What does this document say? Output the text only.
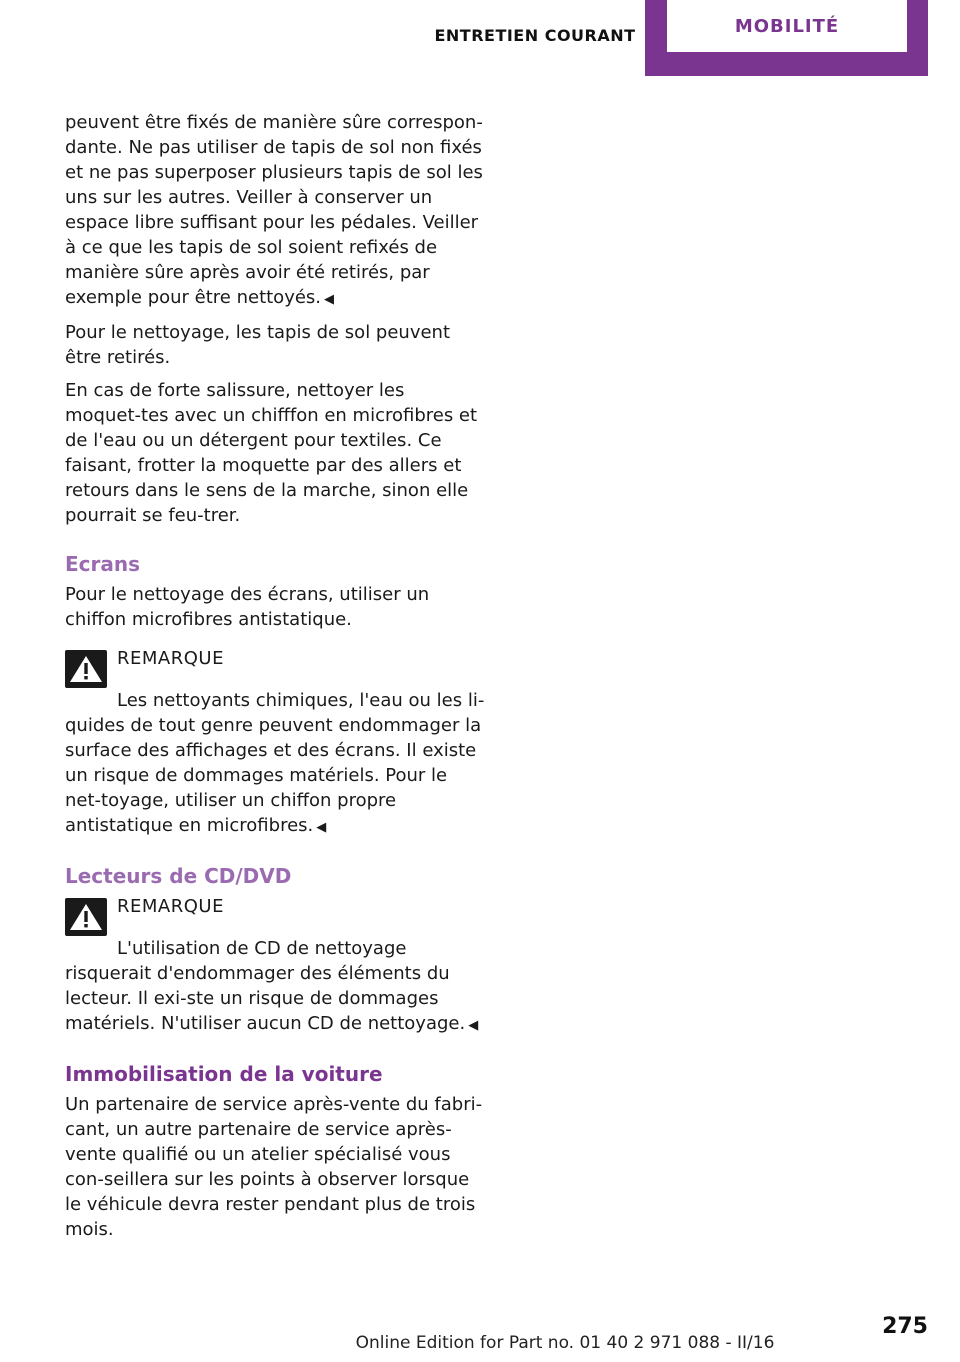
ENTRETIEN COURANT	MOBILITÉ

peuvent être fixés de manière sûre correspon-dante. Ne pas utiliser de tapis de sol non fixés et ne pas superposer plusieurs tapis de sol les uns sur les autres. Veiller à conserver un espace libre suffisant pour les pédales. Veiller à ce que les tapis de sol soient refixés de manière sûre après avoir été retirés, par exemple pour être nettoyés. ◀

Pour le nettoyage, les tapis de sol peuvent être retirés.

En cas de forte salissure, nettoyer les moquet-tes avec un chifffon en microfibres et de l'eau ou un détergent pour textiles. Ce faisant, frotter la moquette par des allers et retours dans le sens de la marche, sinon elle pourrait se feu-trer.

Ecrans

Pour le nettoyage des écrans, utiliser un chiffon microfibres antistatique.

REMARQUE
Les nettoyants chimiques, l'eau ou les li-quides de tout genre peuvent endommager la surface des affichages et des écrans. Il existe un risque de dommages matériels. Pour le net-toyage, utiliser un chiffon propre antistatique en microfibres. ◀
Lecteurs de CD/DVD
REMARQUE
L'utilisation de CD de nettoyage risquerait d'endommager des éléments du lecteur. Il exi-ste un risque de dommages matériels. N'utiliser aucun CD de nettoyage. ◀
Immobilisation de la voiture

Un partenaire de service après-vente du fabri-cant, un autre partenaire de service après-vente qualifié ou un atelier spécialisé vous con-seillera sur les points à observer lorsque le véhicule devra rester pendant plus de trois mois.

275
Online Edition for Part no. 01 40 2 971 088 - II/16
